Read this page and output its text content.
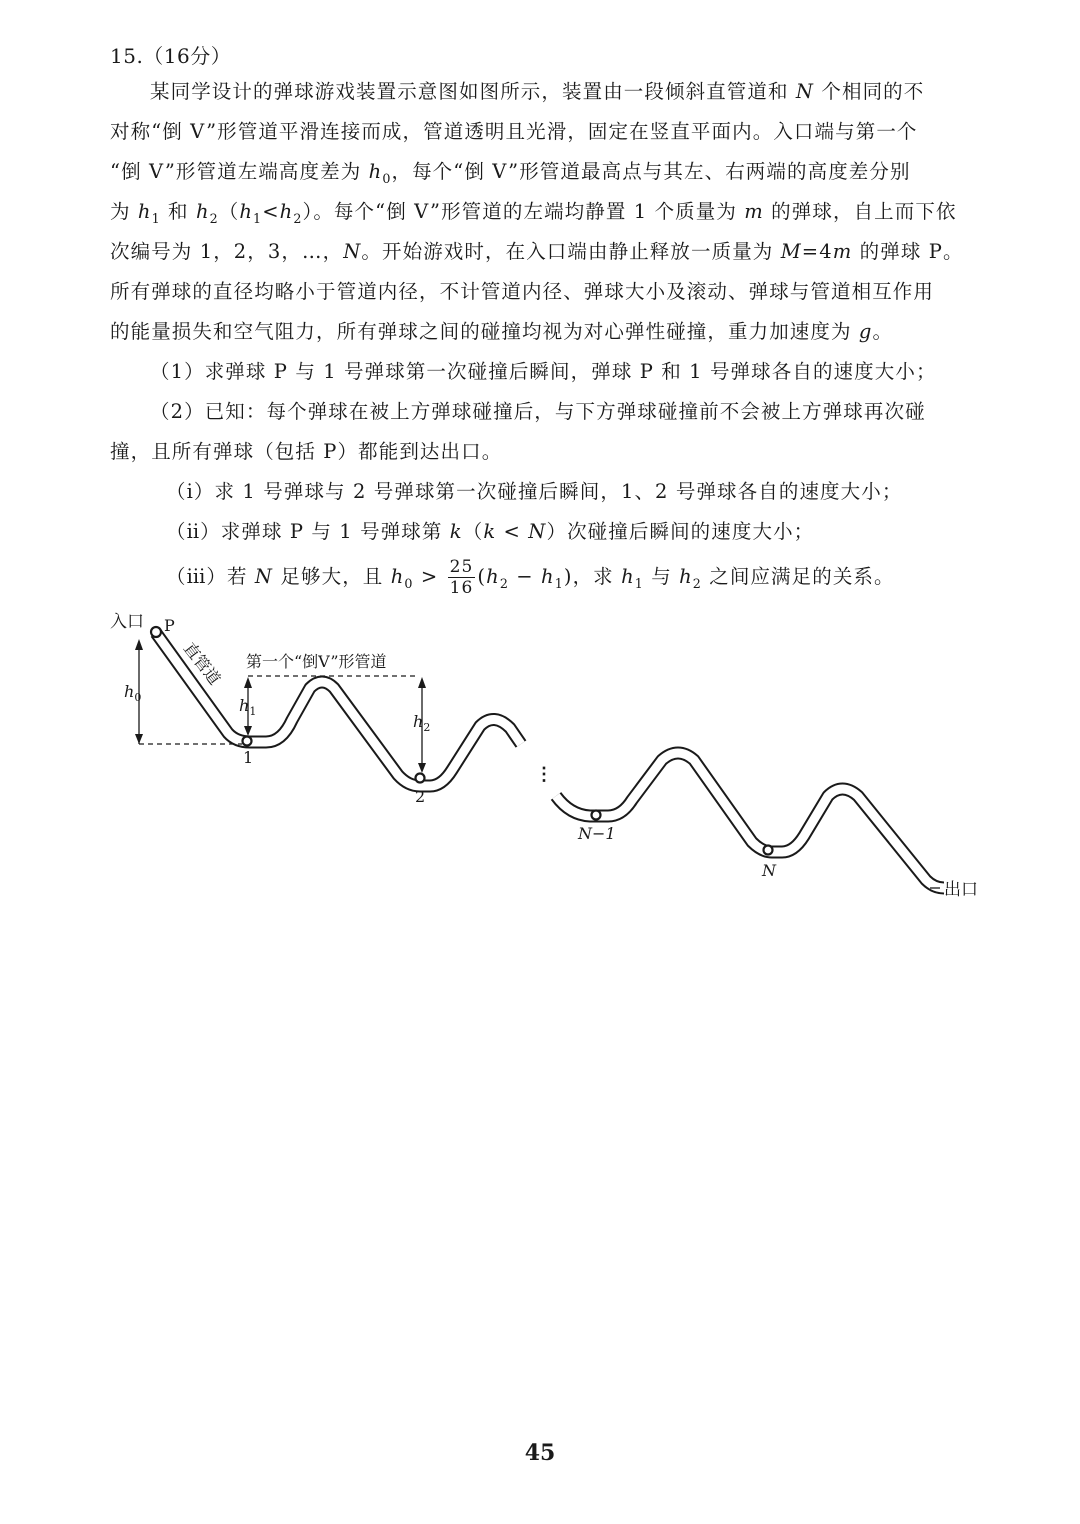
15.（16分）
某同学设计的弹球游戏装置示意图如图所示，装置由一段倾斜直管道和 N 个相同的不
对称“倒 V”形管道平滑连接而成，管道透明且光滑，固定在竖直平面内。入口端与第一个
“倒 V”形管道左端高度差为 $h_0$，每个“倒 V”形管道最高点与其左、右两端的高度差分别
为 $h_1$ 和 $h_2(h_1<h_2)$。每个“倒 V”形管道的左端均静置 1 个质量为 m 的弹球，自上而下依
次编号为 1，2，3，…，N。开始游戏时，在入口端由静止释放一质量为 M=4m 的弹球 P。
所有弹球的直径均略小于管道内径，不计管道内径、弹球大小及滚动、弹球与管道相互作用
的能量损失和空气阻力，所有弹球之间的碰撞均视为对心弹性碰撞，重力加速度为 g。
（1）求弹球 P 与 1 号弹球第一次碰撞后瞬间，弹球 P 和 1 号弹球各自的速度大小；
（2）已知：每个弹球在被上方弹球碰撞后，与下方弹球碰撞前不会被上方弹球再次碰
撞，且所有弹球（包括 P）都能到达出口。
（ⅰ）求 1 号弹球与 2 号弹球第一次碰撞后瞬间，1、2 号弹球各自的速度大小；
（ⅱ）求弹球 P 与 1 号弹球第 k（k < N）次碰撞后瞬间的速度大小；
（ⅲ）若 N 足够大，且 $h_0 > \frac{25}{16} (h_2 - h_1)$，求 $h_1$ 与 $h_2$ 之间应满足的关系。
入口 P
直管道 第一个“倒V”形管道
$h_0$	$h_1$
$h_2$
1
2
⋮
N−1
N
出口
45
